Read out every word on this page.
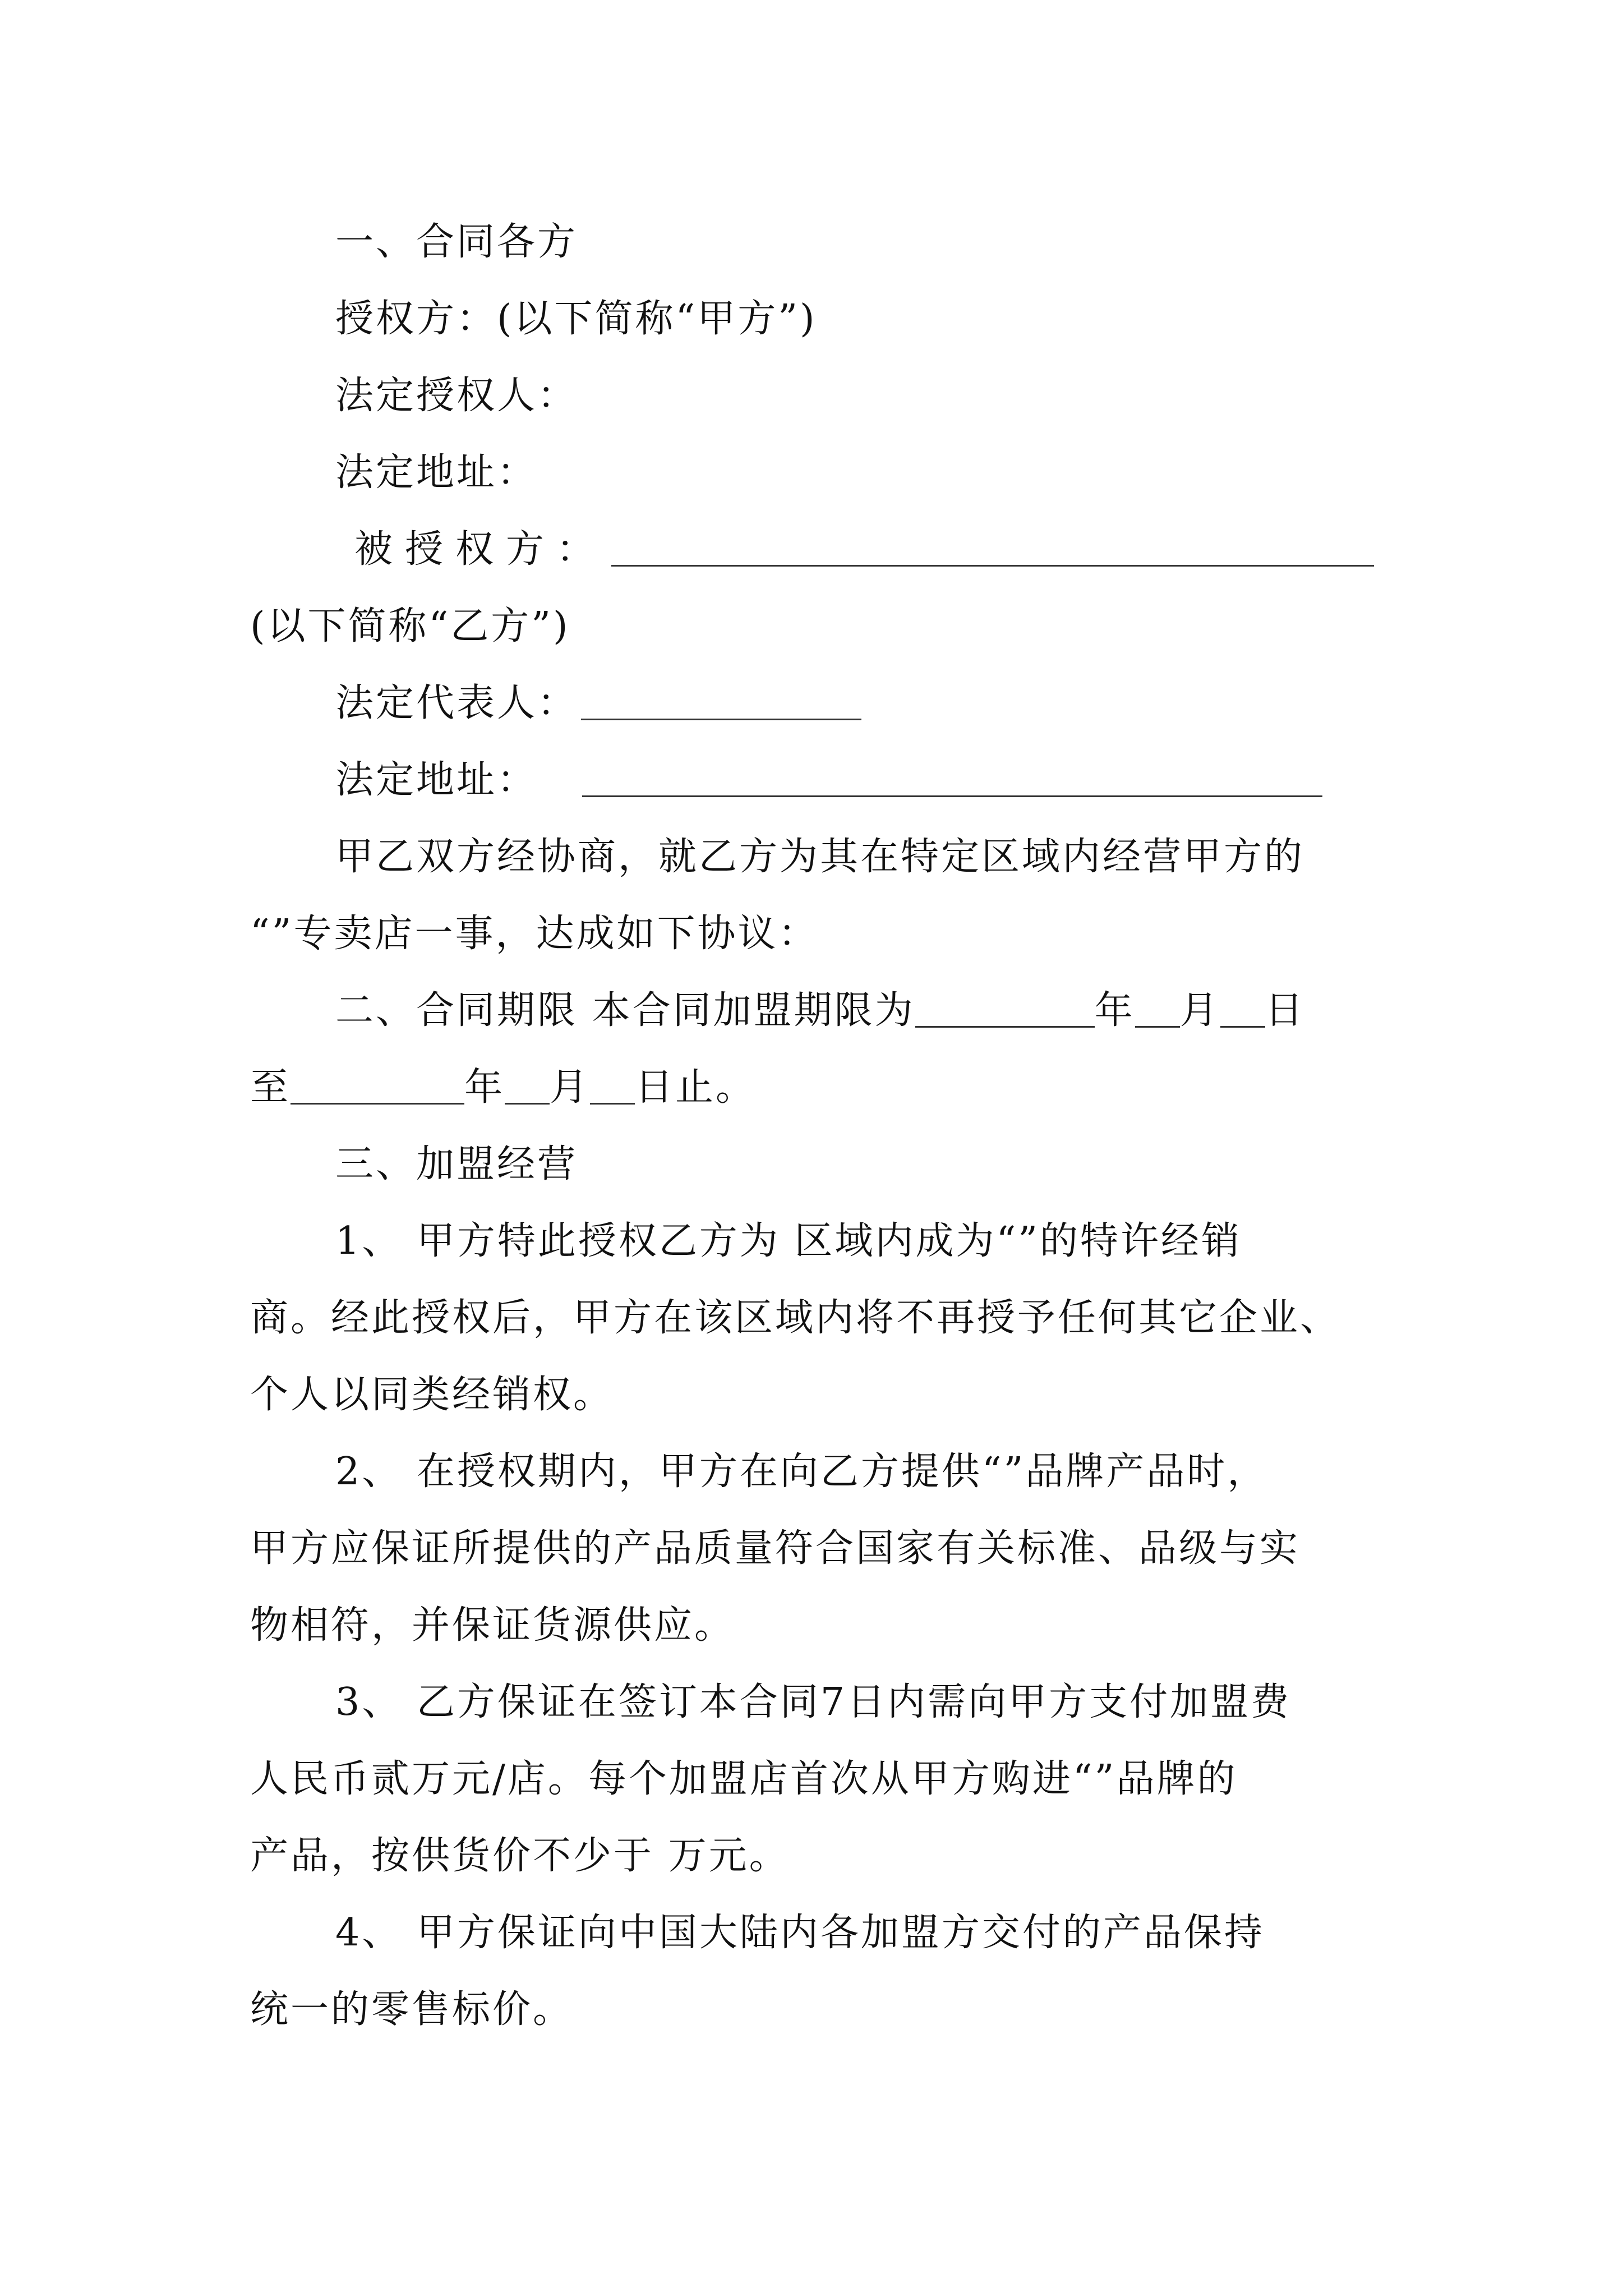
一、合同各方
授权方：(以下简称“甲方”)
法定授权人：
法定地址：
被授权方：
(以下简称“乙方”)
法定代表人：
法定地址：
甲乙双方经协商，就乙方为其在特定区域内经营甲方的
“”专卖店一事，达成如下协议：
二、合同期限 本合同加盟期限为	年 月 日
至	年 月 日止。
三、加盟经营
1、 甲方特此授权乙方为 区域内成为“”的特许经销
商。经此授权后，甲方在该区域内将不再授予任何其它企业、
个人以同类经销权。
2、 在授权期内，甲方在向乙方提供“”品牌产品时，
甲方应保证所提供的产品质量符合国家有关标准、品级与实
物相符，并保证货源供应。
3、 乙方保证在签订本合同7日内需向甲方支付加盟费
人民币贰万元/店。每个加盟店首次从甲方购进“”品牌的
产品，按供货价不少于 万元。
4、 甲方保证向中国大陆内各加盟方交付的产品保持
统一的零售标价。
